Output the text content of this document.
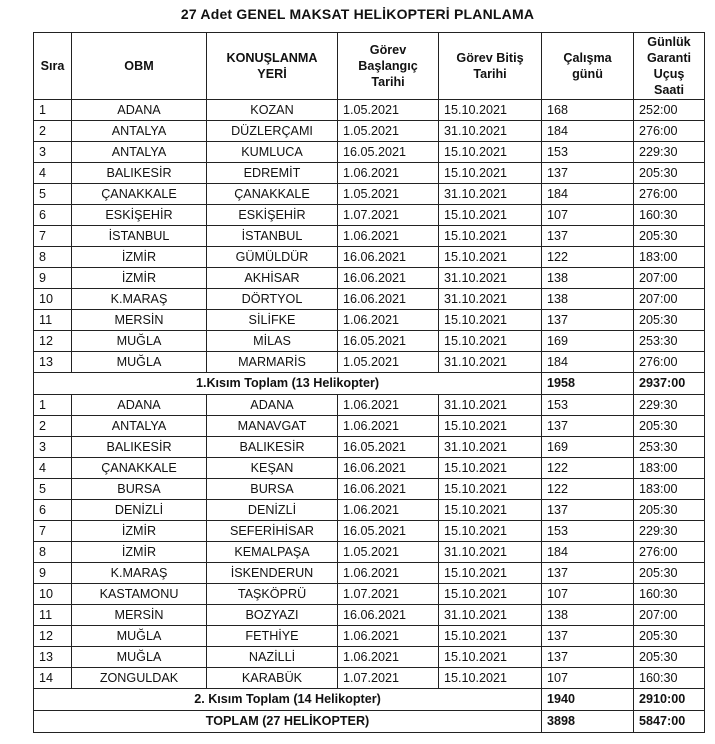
27 Adet GENEL MAKSAT HELİKOPTERİ PLANLAMA
Sıra	OBM	KONUŞLANMA YERİ	Görev Başlangıç Tarihi	Görev Bitiş Tarihi	Çalışma günü	Günlük Garanti Uçuş Saati
1	ADANA	KOZAN	1.05.2021	15.10.2021	168	252:00
2	ANTALYA	DÜZLERÇAMI	1.05.2021	31.10.2021	184	276:00
3	ANTALYA	KUMLUCA	16.05.2021	15.10.2021	153	229:30
4	BALIKESİR	EDREMİT	1.06.2021	15.10.2021	137	205:30
5	ÇANAKKALE	ÇANAKKALE	1.05.2021	31.10.2021	184	276:00
6	ESKİŞEHİR	ESKİŞEHİR	1.07.2021	15.10.2021	107	160:30
7	İSTANBUL	İSTANBUL	1.06.2021	15.10.2021	137	205:30
8	İZMİR	GÜMÜLDÜR	16.06.2021	15.10.2021	122	183:00
9	İZMİR	AKHİSAR	16.06.2021	31.10.2021	138	207:00
10	K.MARAŞ	DÖRTYOL	16.06.2021	31.10.2021	138	207:00
11	MERSİN	SİLİFKE	1.06.2021	15.10.2021	137	205:30
12	MUĞLA	MİLAS	16.05.2021	15.10.2021	169	253:30
13	MUĞLA	MARMARİS	1.05.2021	31.10.2021	184	276:00
1.Kısım Toplam (13 Helikopter)					1958	2937:00
1	ADANA	ADANA	1.06.2021	31.10.2021	153	229:30
2	ANTALYA	MANAVGAT	1.06.2021	15.10.2021	137	205:30
3	BALIKESİR	BALIKESİR	16.05.2021	31.10.2021	169	253:30
4	ÇANAKKALE	KEŞAN	16.06.2021	15.10.2021	122	183:00
5	BURSA	BURSA	16.06.2021	15.10.2021	122	183:00
6	DENİZLİ	DENİZLİ	1.06.2021	15.10.2021	137	205:30
7	İZMİR	SEFERİHİSAR	16.05.2021	15.10.2021	153	229:30
8	İZMİR	KEMALPAŞA	1.05.2021	31.10.2021	184	276:00
9	K.MARAŞ	İSKENDERUN	1.06.2021	15.10.2021	137	205:30
10	KASTAMONU	TAŞKÖPRÜ	1.07.2021	15.10.2021	107	160:30
11	MERSİN	BOZYAZI	16.06.2021	31.10.2021	138	207:00
12	MUĞLA	FETHİYE	1.06.2021	15.10.2021	137	205:30
13	MUĞLA	NAZİLLİ	1.06.2021	15.10.2021	137	205:30
14	ZONGULDAK	KARABÜK	1.07.2021	15.10.2021	107	160:30
2. Kısım Toplam (14 Helikopter)					1940	2910:00
TOPLAM (27 HELİKOPTER)					3898	5847:00
